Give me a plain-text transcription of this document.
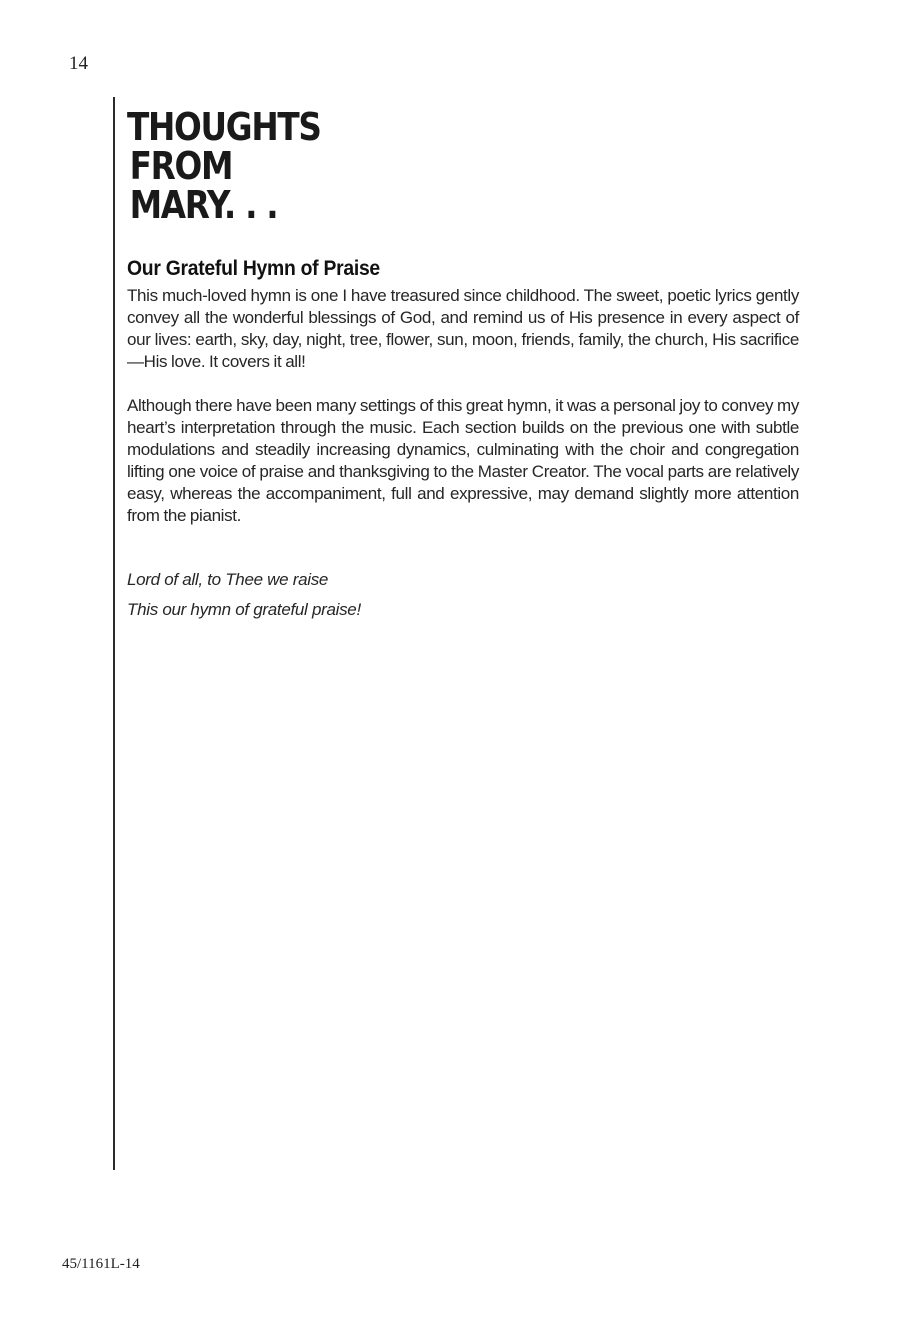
14
THOUGHTS
FROM
MARY. . .
Our Grateful Hymn of Praise

This much-loved hymn is one I have treasured since childhood. The sweet, poetic lyrics gently convey all the wonderful blessings of God, and remind us of His presence in every aspect of our lives: earth, sky, day, night, tree, flower, sun, moon, friends, family, the church, His sacrifice—His love. It covers it all!

Although there have been many settings of this great hymn, it was a personal joy to convey my heart’s interpretation through the music. Each section builds on the previous one with subtle modulations and steadily increasing dynamics, culminating with the choir and congregation lifting one voice of praise and thanksgiving to the Master Creator. The vocal parts are relatively easy, whereas the accompaniment, full and expressive, may demand slightly more attention from the pianist.

Lord of all, to Thee we raise
This our hymn of grateful praise!
45/1161L-14
